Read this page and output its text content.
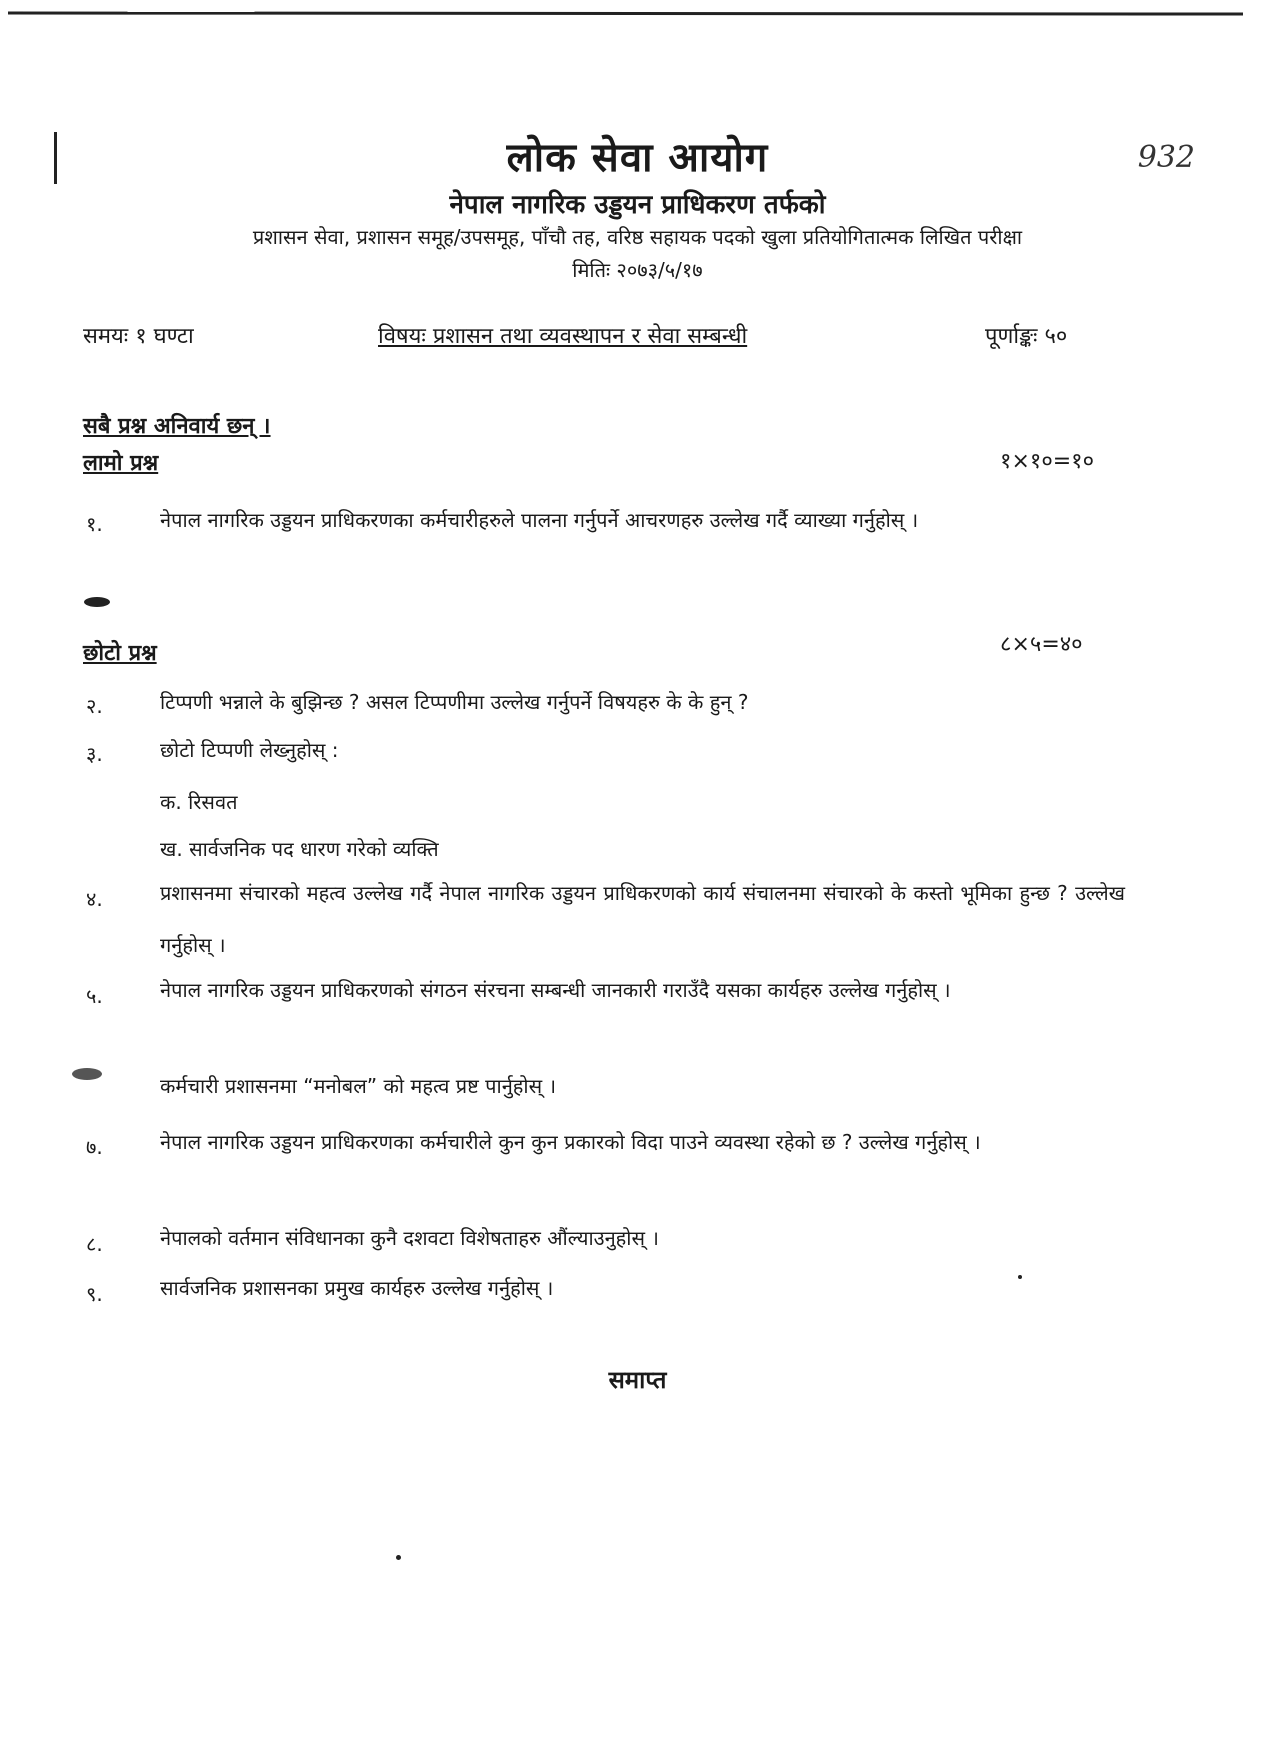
लोक सेवा आयोग	932
नेपाल नागरिक उड्डयन प्राधिकरण तर्फको
प्रशासन सेवा, प्रशासन समूह/उपसमूह, पाँचौ तह, वरिष्ठ सहायक पदको खुला प्रतियोगितात्मक लिखित परीक्षा
मितिः २०७३/५/१७
समयः १ घण्टा	विषयः प्रशासन तथा व्यवस्थापन र सेवा सम्बन्धी	पूर्णाङ्कः ५०
सबै प्रश्न अनिवार्य छन् ।
लामो प्रश्न	१×१०=१०
१.	नेपाल नागरिक उड्डयन प्राधिकरणका कर्मचारीहरुले पालना गर्नुपर्ने आचरणहरु उल्लेख गर्दै व्याख्या गर्नुहोस् ।
छोटो प्रश्न	८×५=४०
२.	टिप्पणी भन्नाले के बुझिन्छ ? असल टिप्पणीमा उल्लेख गर्नुपर्ने विषयहरु के के हुन् ?
३.	छोटो टिप्पणी लेख्नुहोस् :
क. रिसवत
ख. सार्वजनिक पद धारण गरेको व्यक्ति
४.	प्रशासनमा संचारको महत्व उल्लेख गर्दै नेपाल नागरिक उड्डयन प्राधिकरणको कार्य संचालनमा संचारको के कस्तो भूमिका हुन्छ ? उल्लेख गर्नुहोस् ।
५.	नेपाल नागरिक उड्डयन प्राधिकरणको संगठन संरचना सम्बन्धी जानकारी गराउँदै यसका कार्यहरु उल्लेख गर्नुहोस् ।
कर्मचारी प्रशासनमा “मनोबल” को महत्व प्रष्ट पार्नुहोस् ।
७.	नेपाल नागरिक उड्डयन प्राधिकरणका कर्मचारीले कुन कुन प्रकारको विदा पाउने व्यवस्था रहेको छ ? उल्लेख गर्नुहोस् ।
८.	नेपालको वर्तमान संविधानका कुनै दशवटा विशेषताहरु औंल्याउनुहोस् ।
९.	सार्वजनिक प्रशासनका प्रमुख कार्यहरु उल्लेख गर्नुहोस् ।
समाप्त
